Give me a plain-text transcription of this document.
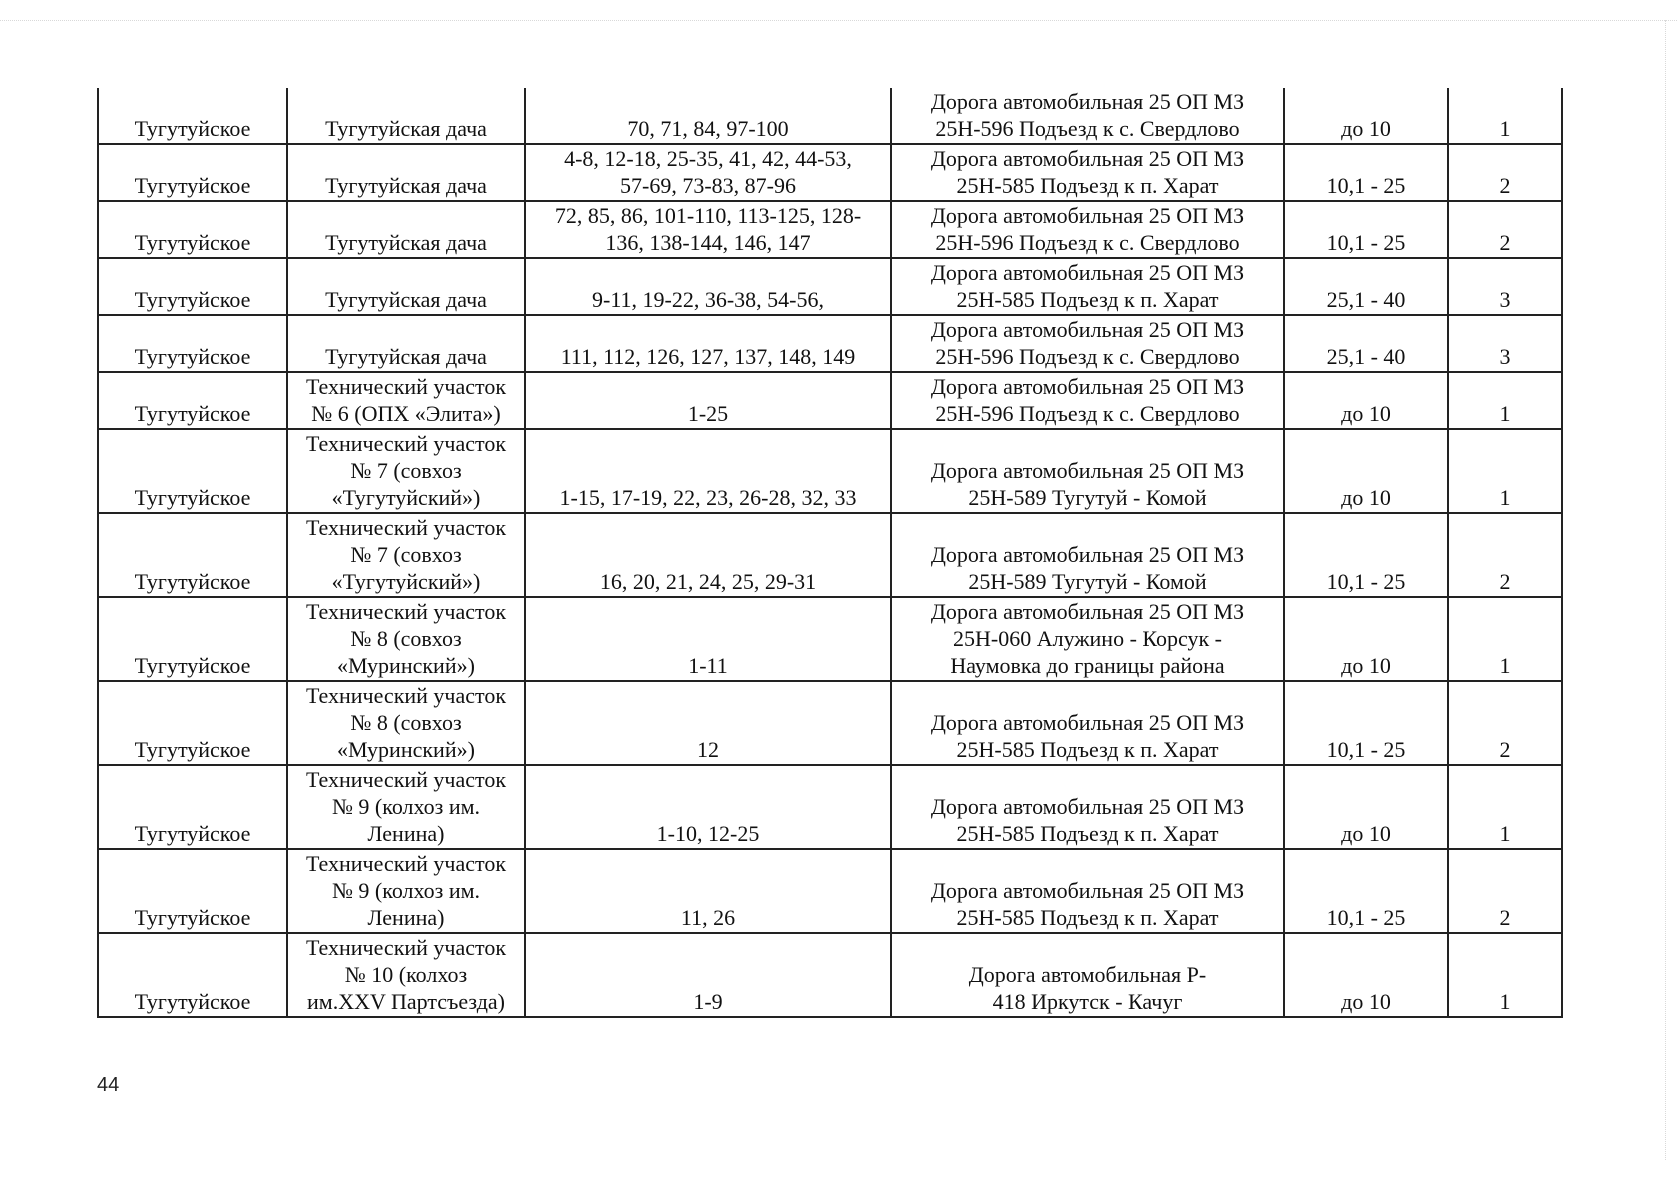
Тугутуйское	Тугутуйская дача	70, 71, 84, 97-100	Дорога автомобильная 25 ОП МЗ
25Н-596 Подъезд к с. Свердлово	до 10	1
Тугутуйское	Тугутуйская дача	4-8, 12-18, 25-35, 41, 42, 44-53,
57-69, 73-83, 87-96	Дорога автомобильная 25 ОП МЗ
25Н-585 Подъезд к п. Харат	10,1 - 25	2
Тугутуйское	Тугутуйская дача	72, 85, 86, 101-110, 113-125, 128-
136, 138-144, 146, 147	Дорога автомобильная 25 ОП МЗ
25Н-596 Подъезд к с. Свердлово	10,1 - 25	2
Тугутуйское	Тугутуйская дача	9-11, 19-22, 36-38, 54-56,	Дорога автомобильная 25 ОП МЗ
25Н-585 Подъезд к п. Харат	25,1 - 40	3
Тугутуйское	Тугутуйская дача	111, 112, 126, 127, 137, 148, 149	Дорога автомобильная 25 ОП МЗ
25Н-596 Подъезд к с. Свердлово	25,1 - 40	3
Тугутуйское	Технический участок
№ 6 (ОПХ «Элита»)	1-25	Дорога автомобильная 25 ОП МЗ
25Н-596 Подъезд к с. Свердлово	до 10	1
Тугутуйское	Технический участок
№ 7 (совхоз
«Тугутуйский»)	1-15, 17-19, 22, 23, 26-28, 32, 33	Дорога автомобильная 25 ОП МЗ
25Н-589 Тугутуй - Комой	до 10	1
Тугутуйское	Технический участок
№ 7 (совхоз
«Тугутуйский»)	16, 20, 21, 24, 25, 29-31	Дорога автомобильная 25 ОП МЗ
25Н-589 Тугутуй - Комой	10,1 - 25	2
Тугутуйское	Технический участок
№ 8 (совхоз
«Муринский»)	1-11	Дорога автомобильная 25 ОП МЗ
25Н-060 Алужино - Корсук -
Наумовка до границы района	до 10	1
Тугутуйское	Технический участок
№ 8 (совхоз
«Муринский»)	12	Дорога автомобильная 25 ОП МЗ
25Н-585 Подъезд к п. Харат	10,1 - 25	2
Тугутуйское	Технический участок
№ 9 (колхоз им.
Ленина)	1-10, 12-25	Дорога автомобильная 25 ОП МЗ
25Н-585 Подъезд к п. Харат	до 10	1
Тугутуйское	Технический участок
№ 9 (колхоз им.
Ленина)	11, 26	Дорога автомобильная 25 ОП МЗ
25Н-585 Подъезд к п. Харат	10,1 - 25	2
Тугутуйское	Технический участок
№ 10 (колхоз
им.XXV Партсъезда)	1-9	Дорога автомобильная Р-
418 Иркутск - Качуг	до 10	1
44
